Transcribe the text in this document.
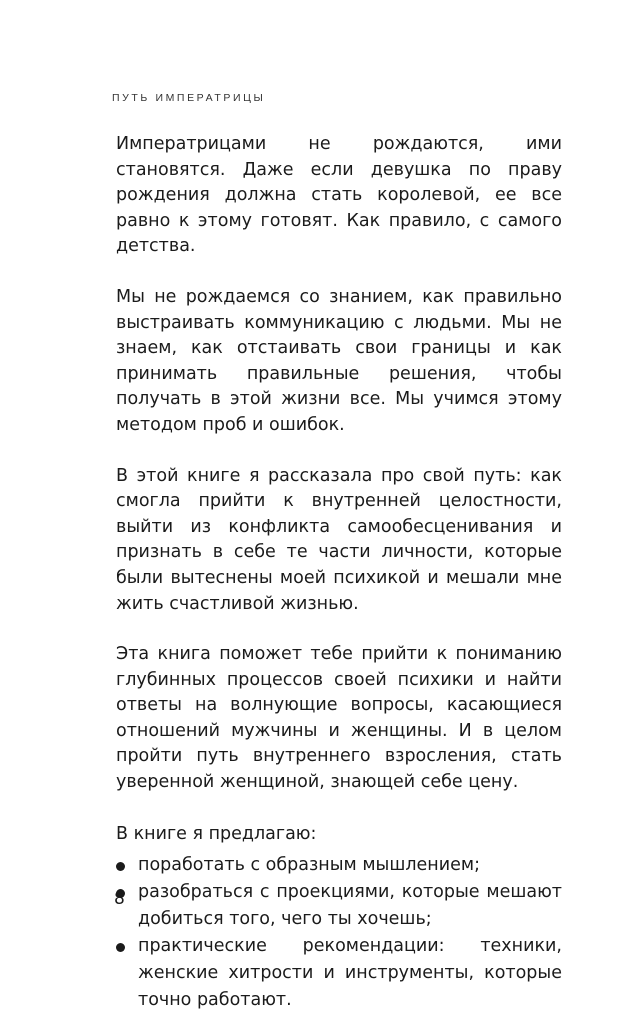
ПУТЬ ИМПЕРАТРИЦЫ

Императрицами не рождаются, ими становятся. Даже если девушка по праву рождения должна стать королевой, ее все равно к этому готовят. Как правило, с самого детства.

Мы не рождаемся со знанием, как правильно выстраивать коммуникацию с людьми. Мы не знаем, как отстаивать свои границы и как принимать правильные решения, чтобы получать в этой жизни все. Мы учимся этому методом проб и ошибок.

В этой книге я рассказала про свой путь: как смогла прийти к внутренней целостности, выйти из конфликта самообесценивания и признать в себе те части личности, которые были вытеснены моей психикой и мешали мне жить счастливой жизнью.

Эта книга поможет тебе прийти к пониманию глубинных процессов своей психики и найти ответы на волнующие вопросы, касающиеся отношений мужчины и женщины. И в целом пройти путь внутреннего взросления, стать уверенной женщиной, знающей себе цену.

В книге я предлагаю:

поработать с образным мышлением;
разобраться с проекциями, которые мешают добиться того, чего ты хочешь;
практические рекомендации: техники, женские хитрости и инструменты, которые точно работают.
8
